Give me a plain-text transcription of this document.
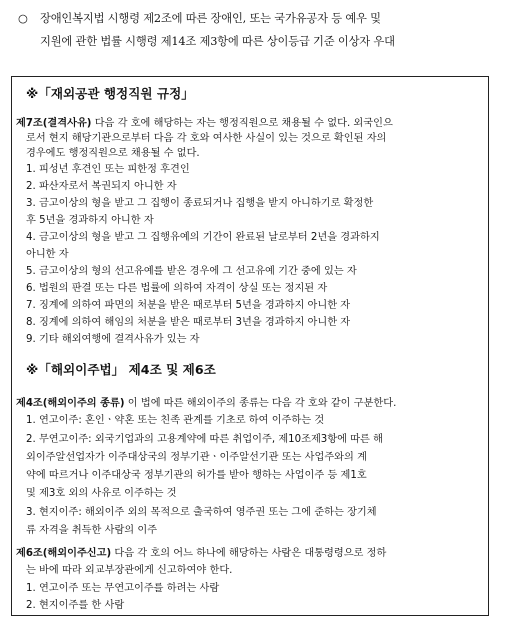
○ 장애인복지법 시행령 제2조에 따른 장애인, 또는 국가유공자 등 예우 및
지원에 관한 법률 시행령 제14조 제3항에 따른 상이등급 기준 이상자 우대
※「재외공관 행정직원 규정」
제7조(결격사유) 다음 각 호에 해당하는 자는 행정직원으로 채용될 수 없다. 외국인으
로서 현지 해당기관으로부터 다음 각 호와 여사한 사실이 있는 것으로 확인된 자의
경우에도 행정직원으로 채용될 수 없다.
1. 피성년 후견인 또는 피한정 후견인
2. 파산자로서 복권되지 아니한 자
3. 금고이상의 형을 받고 그 집행이 종료되거나 집행을 받지 아니하기로 확정한
후 5년을 경과하지 아니한 자
4. 금고이상의 형을 받고 그 집행유예의 기간이 완료된 날로부터 2년을 경과하지
아니한 자
5. 금고이상의 형의 선고유예를 받은 경우에 그 선고유예 기간 중에 있는 자
6. 법원의 판결 또는 다른 법률에 의하여 자격이 상실 또는 정지된 자
7. 징계에 의하여 파면의 처분을 받은 때로부터 5년을 경과하지 아니한 자
8. 징계에 의하여 해임의 처분을 받은 때로부터 3년을 경과하지 아니한 자
9. 기타 해외여행에 결격사유가 있는 자
※「해외이주법」 제4조 및 제6조
제4조(해외이주의 종류) 이 법에 따른 해외이주의 종류는 다음 각 호와 같이 구분한다.
1. 연고이주: 혼인ㆍ약혼 또는 친족 관계를 기초로 하여 이주하는 것
2. 무연고이주: 외국기업과의 고용계약에 따른 취업이주, 제10조제3항에 따른 해
외이주알선업자가 이주대상국의 정부기관ㆍ이주알선기관 또는 사업주와의 계
약에 따르거나 이주대상국 정부기관의 허가를 받아 행하는 사업이주 등 제1호
및 제3호 외의 사유로 이주하는 것
3. 현지이주: 해외이주 외의 목적으로 출국하여 영주권 또는 그에 준하는 장기체
류 자격을 취득한 사람의 이주
제6조(해외이주신고) 다음 각 호의 어느 하나에 해당하는 사람은 대통령령으로 정하
는 바에 따라 외교부장관에게 신고하여야 한다.
1. 연고이주 또는 무연고이주를 하려는 사람
2. 현지이주를 한 사람
